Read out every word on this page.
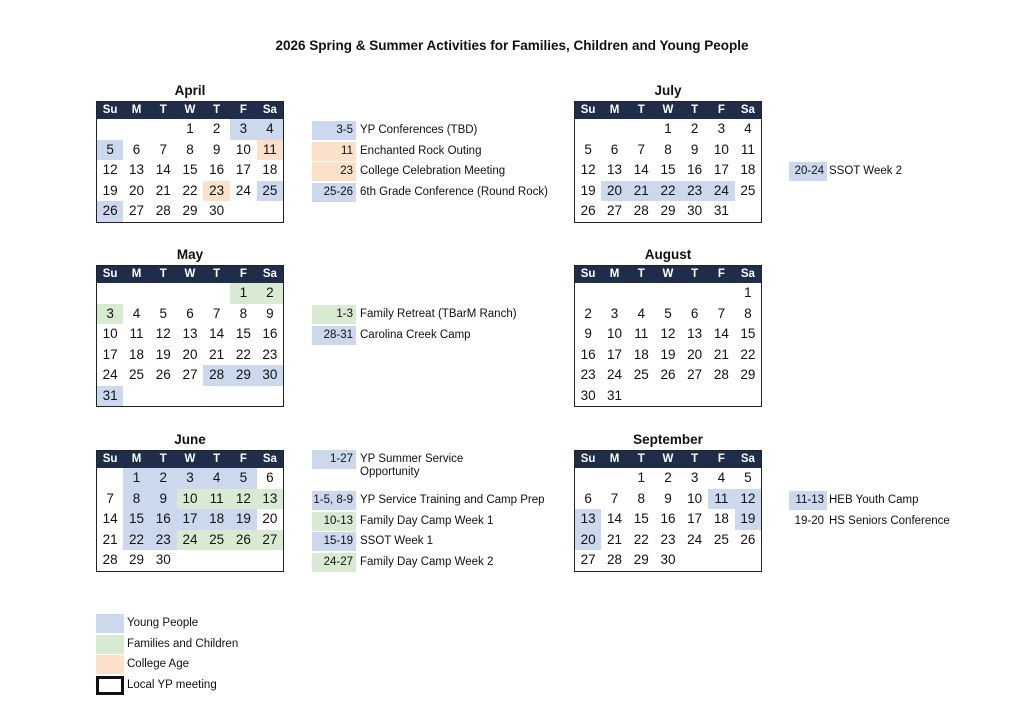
2026 Spring & Summer Activities for Families, Children and Young People
April
Su	M	T	W	T	F	Sa
			1	2	3	4
5	6	7	8	9	10	11
12	13	14	15	16	17	18
19	20	21	22	23	24	25
26	27	28	29	30		
May
Su	M	T	W	T	F	Sa
					1	2
3	4	5	6	7	8	9
10	11	12	13	14	15	16
17	18	19	20	21	22	23
24	25	26	27	28	29	30
31						
June
Su	M	T	W	T	F	Sa
	1	2	3	4	5	6
7	8	9	10	11	12	13
14	15	16	17	18	19	20
21	22	23	24	25	26	27
28	29	30				
July
Su	M	T	W	T	F	Sa
			1	2	3	4
5	6	7	8	9	10	11
12	13	14	15	16	17	18
19	20	21	22	23	24	25
26	27	28	29	30	31	
August
Su	M	T	W	T	F	Sa
						1
2	3	4	5	6	7	8
9	10	11	12	13	14	15
16	17	18	19	20	21	22
23	24	25	26	27	28	29
30	31					
September
Su	M	T	W	T	F	Sa
		1	2	3	4	5
6	7	8	9	10	11	12
13	14	15	16	17	18	19
20	21	22	23	24	25	26
27	28	29	30			
3-5 YP Conferences (TBD)
11 Enchanted Rock Outing
23 College Celebration Meeting
25-26 6th Grade Conference (Round Rock)
1-3 Family Retreat (TBarM Ranch)
28-31 Carolina Creek Camp
1-27 YP Summer Service Opportunity
1-5, 8-9 YP Service Training and Camp Prep
10-13 Family Day Camp Week 1
15-19 SSOT Week 1
24-27 Family Day Camp Week 2
20-24 SSOT Week 2
11-13 HEB Youth Camp
19-20 HS Seniors Conference
Young People
Families and Children
College Age
Local YP meeting
